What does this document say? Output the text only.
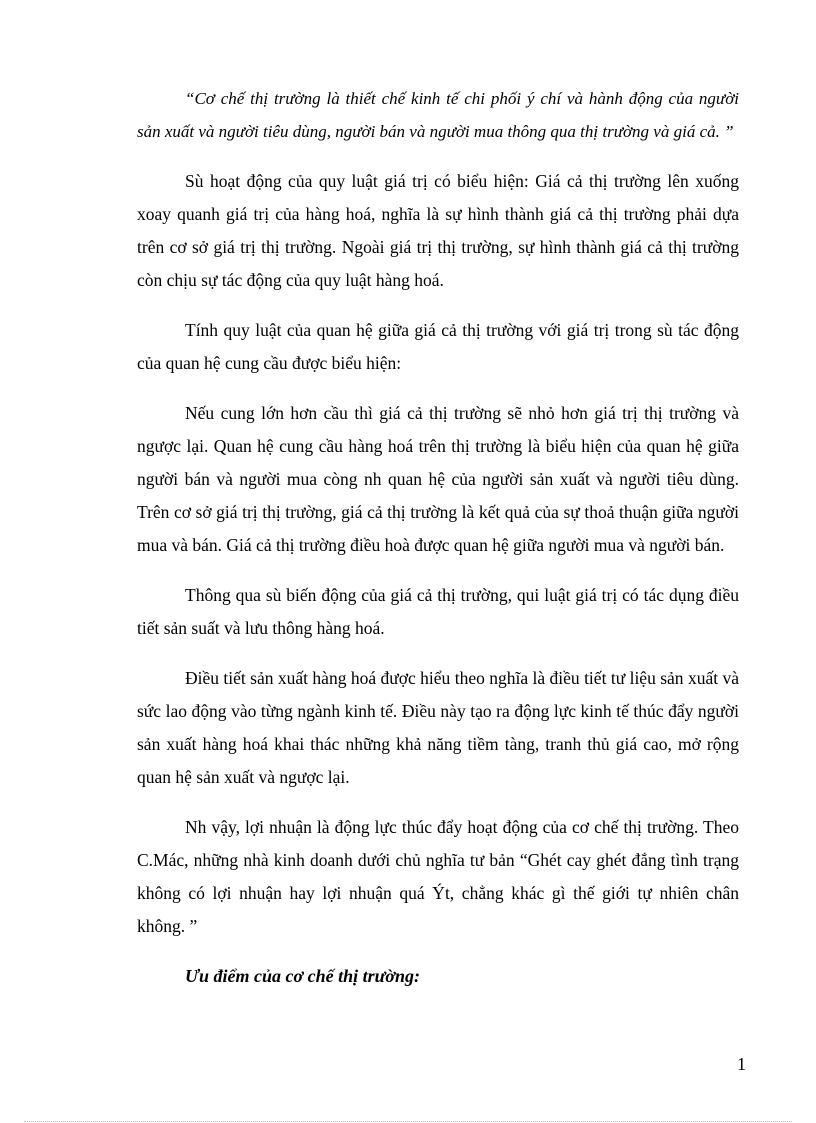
“Cơ chế thị trường là thiết chế kinh tế chi phối ý chí và hành động của người sản xuất và người tiêu dùng, người bán và người mua thông qua thị trường và giá cả. ”

Sù hoạt động của quy luật giá trị có biểu hiện: Giá cả thị trường lên xuống xoay quanh giá trị của hàng hoá, nghĩa là sự hình thành giá cả thị trường phải dựa trên cơ sở giá trị thị trường. Ngoài giá trị thị trường, sự hình thành giá cả thị trường còn chịu sự tác động của quy luật hàng hoá.

Tính quy luật của quan hệ giữa giá cả thị trường với giá trị trong sù tác động của quan hệ cung cầu được biểu hiện:

Nếu cung lớn hơn cầu thì giá cả thị trường sẽ nhỏ hơn giá trị thị trường và ngược lại. Quan hệ cung cầu hàng hoá trên thị trường là biểu hiện của quan hệ giữa người bán và người mua còng nh quan hệ của người sản xuất và người tiêu dùng. Trên cơ sở giá trị thị trường, giá cả thị trường là kết quả của sự thoả thuận giữa người mua và bán. Giá cả thị trường điều hoà được quan hệ giữa người mua và người bán.

Thông qua sù biến động của giá cả thị trường, qui luật giá trị có tác dụng điều tiết sản suất và lưu thông hàng hoá.

Điều tiết sản xuất hàng hoá được hiểu theo nghĩa là điều tiết tư liệu sản xuất và sức lao động vào từng ngành kinh tế. Điều này tạo ra động lực kinh tế thúc đẩy người sản xuất hàng hoá khai thác những khả năng tiềm tàng, tranh thủ giá cao, mở rộng quan hệ sản xuất và ngược lại.

Nh vậy, lợi nhuận là động lực thúc đẩy hoạt động của cơ chế thị trường. Theo C.Mác, những nhà kinh doanh dưới chủ nghĩa tư bản “Ghét cay ghét đắng tình trạng không có lợi nhuận hay lợi nhuận quá Ýt, chẳng khác gì thế giới tự nhiên chân không. ”

Ưu điểm của cơ chế thị trường:

1
